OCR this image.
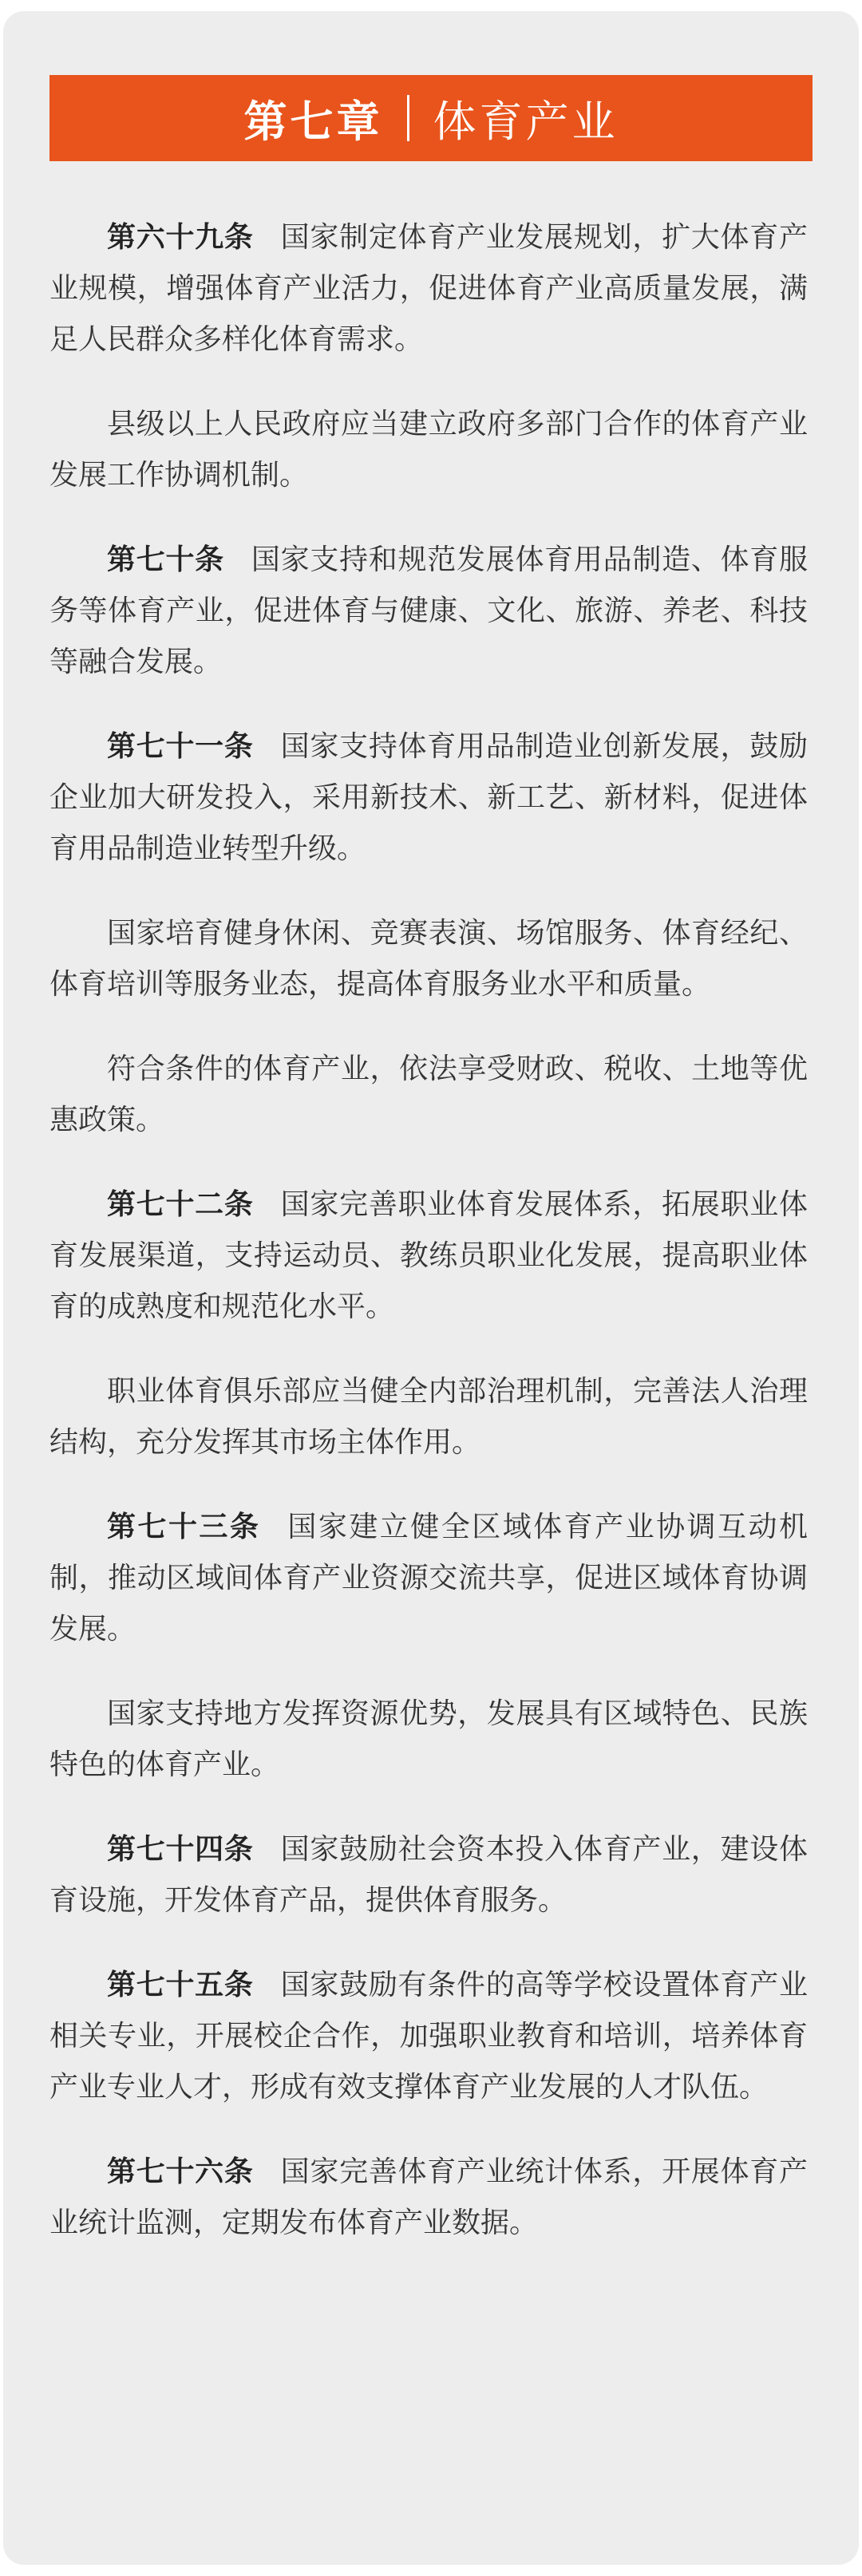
第七章 体育产业

第六十九条 国家制定体育产业发展规划，扩大体育产业规模，增强体育产业活力，促进体育产业高质量发展，满足人民群众多样化体育需求。

县级以上人民政府应当建立政府多部门合作的体育产业发展工作协调机制。

第七十条 国家支持和规范发展体育用品制造、体育服务等体育产业，促进体育与健康、文化、旅游、养老、科技等融合发展。

第七十一条 国家支持体育用品制造业创新发展，鼓励企业加大研发投入，采用新技术、新工艺、新材料，促进体育用品制造业转型升级。

国家培育健身休闲、竞赛表演、场馆服务、体育经纪、体育培训等服务业态，提高体育服务业水平和质量。

符合条件的体育产业，依法享受财政、税收、土地等优惠政策。

第七十二条 国家完善职业体育发展体系，拓展职业体育发展渠道，支持运动员、教练员职业化发展，提高职业体育的成熟度和规范化水平。

职业体育俱乐部应当健全内部治理机制，完善法人治理结构，充分发挥其市场主体作用。

第七十三条 国家建立健全区域体育产业协调互动机制，推动区域间体育产业资源交流共享，促进区域体育协调发展。

国家支持地方发挥资源优势，发展具有区域特色、民族特色的体育产业。

第七十四条 国家鼓励社会资本投入体育产业，建设体育设施，开发体育产品，提供体育服务。

第七十五条 国家鼓励有条件的高等学校设置体育产业相关专业，开展校企合作，加强职业教育和培训，培养体育产业专业人才，形成有效支撑体育产业发展的人才队伍。

第七十六条 国家完善体育产业统计体系，开展体育产业统计监测，定期发布体育产业数据。
